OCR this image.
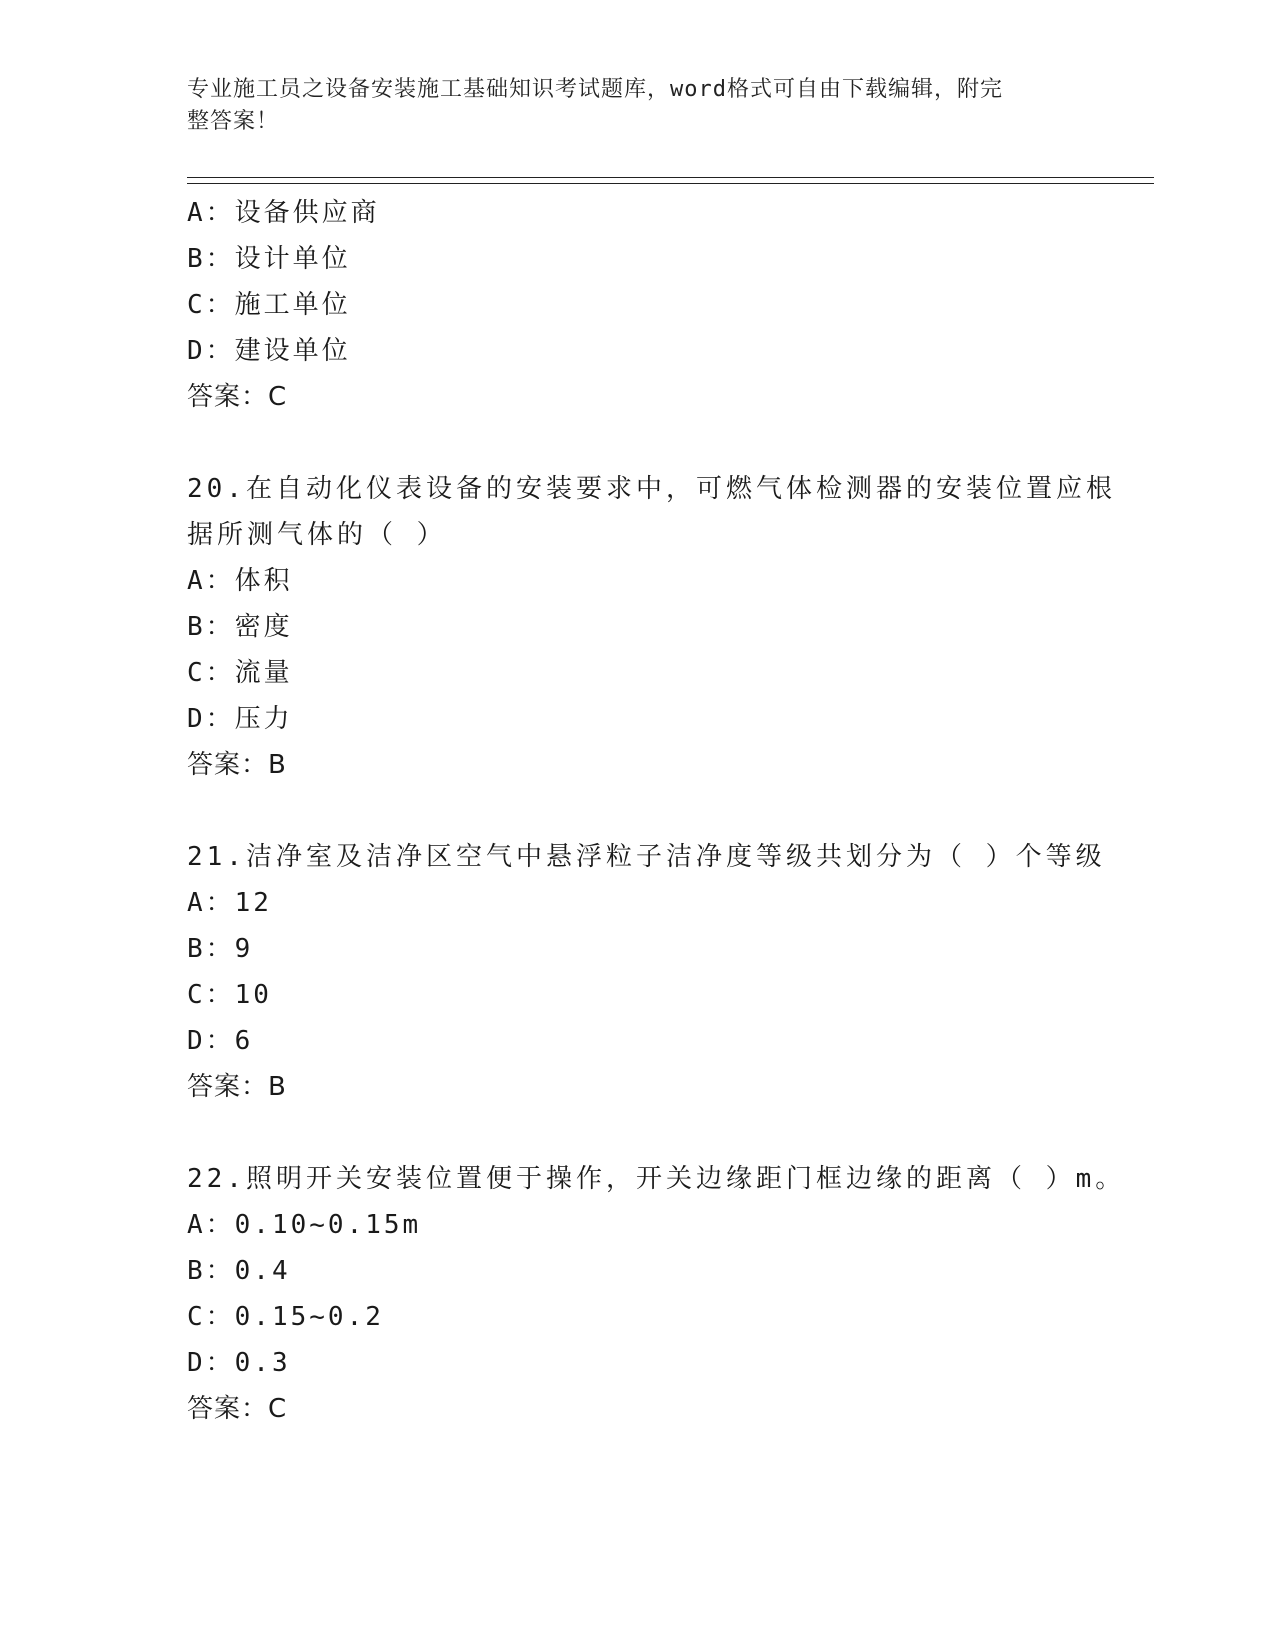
专业施工员之设备安装施工基础知识考试题库，word格式可自由下载编辑，附完
整答案！
A：设备供应商
B：设计单位
C：施工单位
D：建设单位
答案：C
20.在自动化仪表设备的安装要求中，可燃气体检测器的安装位置应根
据所测气体的（ ）
A：体积
B：密度
C：流量
D：压力
答案：B
21.洁净室及洁净区空气中悬浮粒子洁净度等级共划分为（ ）个等级
A：12
B：9
C：10
D：6
答案：B
22.照明开关安装位置便于操作，开关边缘距门框边缘的距离（ ）m。
A：0.10~0.15m
B：0.4
C：0.15~0.2
D：0.3
答案：C
